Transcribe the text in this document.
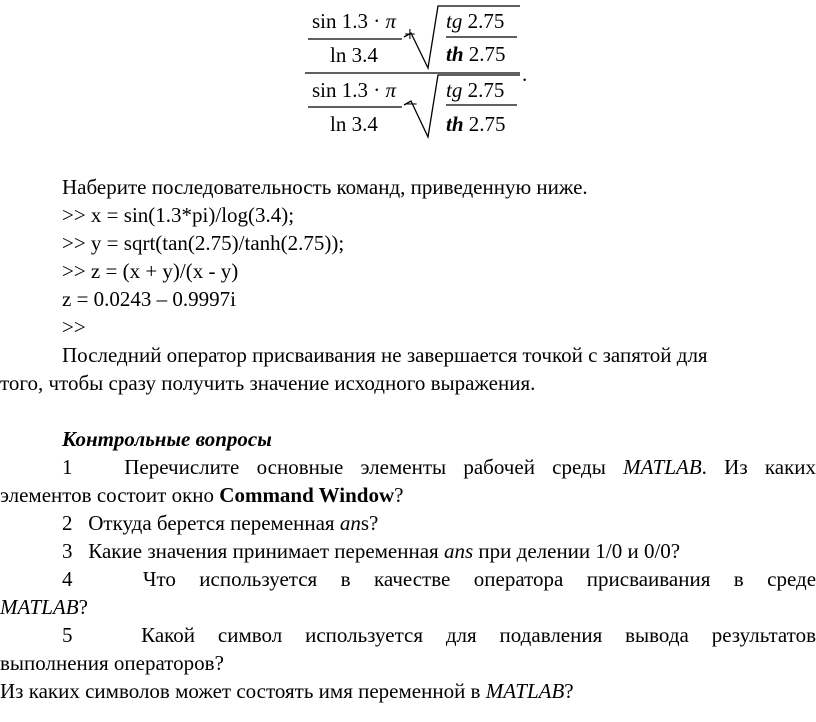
sin 1.3 · π
ln 3.4
+
tg 2.75
th 2.75
.
sin 1.3 · π
ln 3.4
– tg 2.75
th 2.75
Наберите последовательность команд, приведенную ниже.
>> x = sin(1.3*pi)/log(3.4);
>> y = sqrt(tan(2.75)/tanh(2.75));
>> z = (x + y)/(x - y)
z = 0.0243 – 0.9997i
>>
Последний оператор присваивания не завершается точкой с запятой для
того, чтобы сразу получить значение исходного выражения.
Контрольные вопросы
1 Перечислите основные элементы рабочей среды MATLAB. Из каких
элементов состоит окно Command Window?
2 Откуда берется переменная ans?
3 Какие значения принимает переменная ans при делении 1/0 и 0/0?
4	Что используется в качестве оператора присваивания в среде
MATLAB?
5	Какой символ используется для подавления вывода результатов
выполнения операторов?
Из каких символов может состоять имя переменной в MATLAB?
